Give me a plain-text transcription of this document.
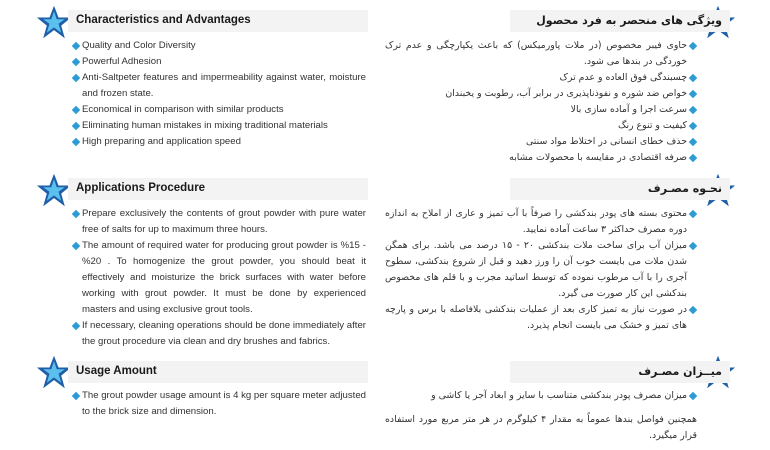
Characteristics and Advantages
Quality and Color Diversity
Powerful Adhesion
Anti-Saltpeter features and impermeability against water, moisture and frozen state.
Economical in comparison with similar products
Eliminating human mistakes in mixing traditional materials
High preparing and application speed
Applications Procedure
Prepare exclusively the contents of grout powder with pure water free of salts for up to maximum three hours.
The amount of required water for producing grout powder is %15 -%20 . To homogenize the grout powder, you should beat it effectively and moisturize the brick surfaces with water before working with grout powder. It must be done by experienced masters and using exclusive grout tools.
If necessary, cleaning operations should be done immediately after the grout procedure via clean and dry brushes and fabrics.
Usage Amount
The grout powder usage amount is 4 kg per square meter adjusted to the brick size and dimension.
ویژگی های منحصر به فرد محصول
حاوی فیبر مخصوص (در ملات پاورمیکس) که باعث یکپارچگی و عدم ترک خوردگی در بندها می شود.
چسبندگی فوق العاده و عدم ترک
خواص ضد شوره و نفوذناپذیری در برابر آب، رطوبت و یخبندان
سرعت اجرا و آماده سازی بالا
کیفیت و تنوع رنگ
حذف خطای انسانی در اختلاط مواد سنتی
صرفه اقتصادی در مقایسه با محصولات مشابه
نحـوه مصـرف
محتوی بسته های پودر بندکشی را صرفاً با آب تمیز و عاری از املاح به اندازه دوره مصرف حداکثر ۳ ساعت آماده نمایید.
میزان آب برای ساخت ملات بندکشی ۲۰ - ۱۵ درصد می باشد. برای همگن شدن ملات می بایست خوب آن را ورز دهید و قبل از شروع بندکشی، سطوح آجری را با آب مرطوب نموده که توسط اساتید مجرب و با قلم های مخصوص بندکشی این کار صورت می گیرد.
در صورت نیاز به تمیز کاری بعد از عملیات بندکشی بلافاصله با برس و پارچه های تمیز و خشک می بایست انجام پذیرد.
میــزان مصـرف
میزان مصرف پودر بندکشی متناسب با سایز و ابعاد آجر یا کاشی و
همچنین فواصل بندها عموماً به مقدار ۴ کیلوگرم در هر متر مربع مورد استفاده قرار میگیرد.
